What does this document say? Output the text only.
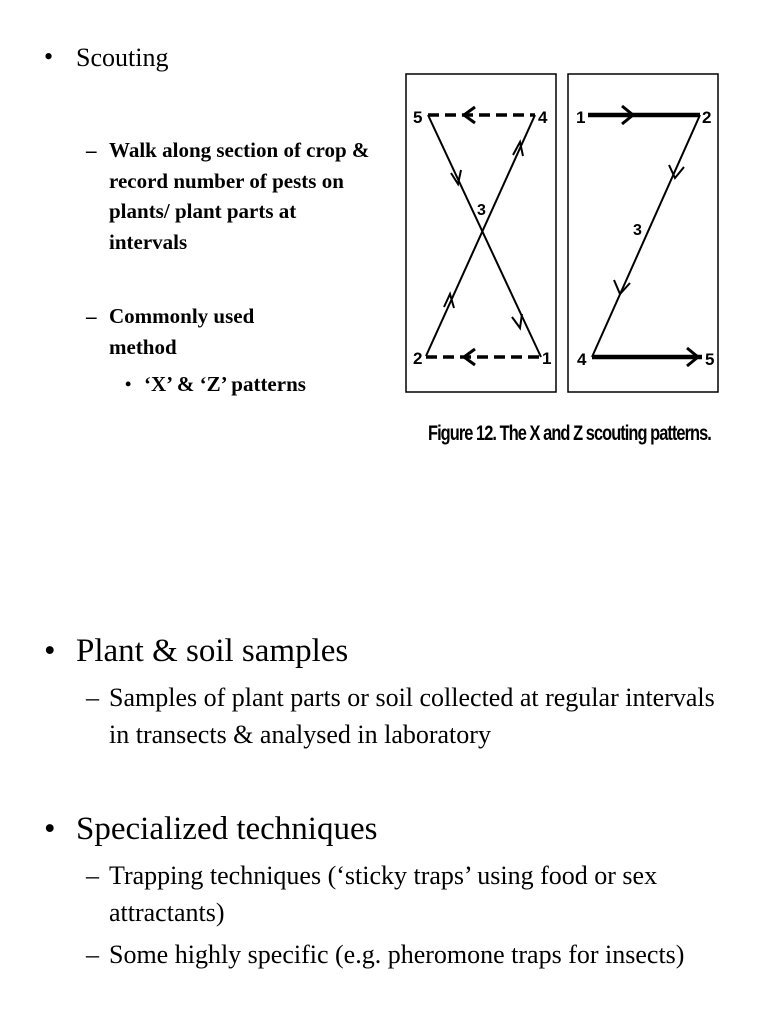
• Scouting
– Walk along section of crop & record number of pests on plants/ plant parts at intervals
– Commonly used method
• ‘X’ & ‘Z’ patterns
5	4
3
2	1
1	2
3
4	5
Figure 12. The X and Z scouting patterns.
• Plant & soil samples
– Samples of plant parts or soil collected at regular intervals in transects & analysed in laboratory
• Specialized techniques
– Trapping techniques (‘sticky traps’ using food or sex attractants)
– Some highly specific (e.g. pheromone traps for insects)
